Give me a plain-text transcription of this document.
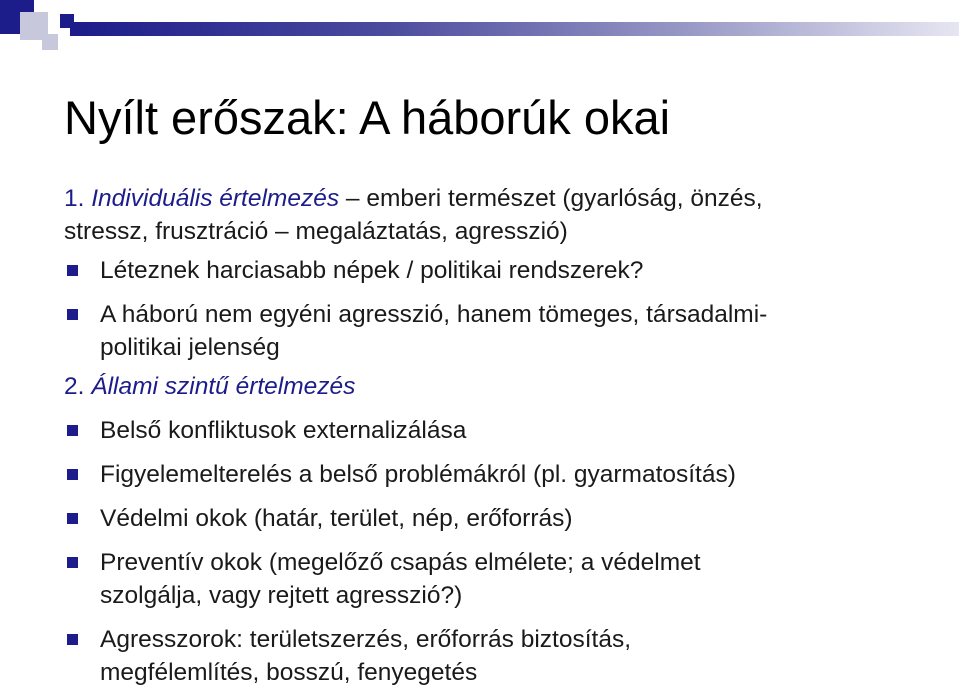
Nyílt erőszak: A háborúk okai
1. Individuális értelmezés – emberi természet (gyarlóság, önzés,
stressz, frusztráció – megaláztatás, agresszió)
Léteznek harciasabb népek / politikai rendszerek?
A háború nem egyéni agresszió, hanem tömeges, társadalmi-
politikai jelenség
2. Állami szintű értelmezés
Belső konfliktusok externalizálása
Figyelemelterelés a belső problémákról (pl. gyarmatosítás)
Védelmi okok (határ, terület, nép, erőforrás)
Preventív okok (megelőző csapás elmélete; a védelmet
szolgálja, vagy rejtett agresszió?)
Agresszorok: területszerzés, erőforrás biztosítás,
megfélemlítés, bosszú, fenyegetés
